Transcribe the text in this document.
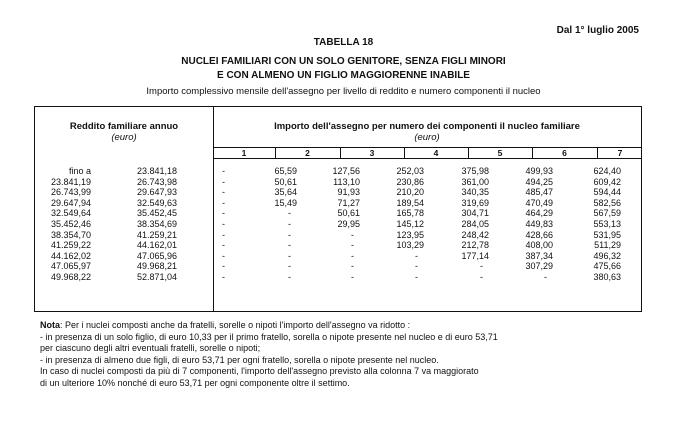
Dal 1° luglio 2005
TABELLA 18
NUCLEI FAMILIARI CON UN SOLO GENITORE, SENZA FIGLI MINORI
E CON ALMENO UN FIGLIO MAGGIORENNE INABILE
Importo complessivo mensile dell'assegno per livello di reddito e numero componenti il nucleo
Reddito familiare annuo
(euro)
Importo dell'assegno per numero dei componenti il nucleo familiare
(euro)
1	2	3	4	5	6	7
fino a	23.841,18	-	65,59	127,56	252,03	375,98	499,93	624,40
23.841,19	26.743,98	-	50,61	113,10	230,86	361,00	494,25	609,42
26.743,99	29.647,93	-	35,64	91,93	210,20	340,35	485,47	594,44
29.647,94	32.549,63	-	15,49	71,27	189,54	319,69	470,49	582,56
32.549,64	35.452,45	-	-	50,61	165,78	304,71	464,29	567,59
35.452,46	38.354,69	-	-	29,95	145,12	284,05	449,83	553,13
38.354,70	41.259,21	-	-	-	123,95	248,42	428,66	531,95
41.259,22	44.162,01	-	-	-	103,29	212,78	408,00	511,29
44.162,02	47.065,96	-	-	-	-	177,14	387,34	496,32
47.065,97	49.968,21	-	-	-	-	-	307,29	475,66
49.968,22	52.871,04	-	-	-	-	-	-	380,63
Nota: Per i nuclei composti anche da fratelli, sorelle o nipoti l'importo dell'assegno va ridotto :
- in presenza di un solo figlio, di euro 10,33 per il primo fratello, sorella o nipote presente nel nucleo e di euro 53,71
per ciascuno degli altri eventuali fratelli, sorelle o nipoti;
- in presenza di almeno due figli, di euro 53,71 per ogni fratello, sorella o nipote presente nel nucleo.
In caso di nuclei composti da più di 7 componenti, l'importo dell'assegno previsto alla colonna 7 va maggiorato
di un ulteriore 10% nonché di euro 53,71 per ogni componente oltre il settimo.
